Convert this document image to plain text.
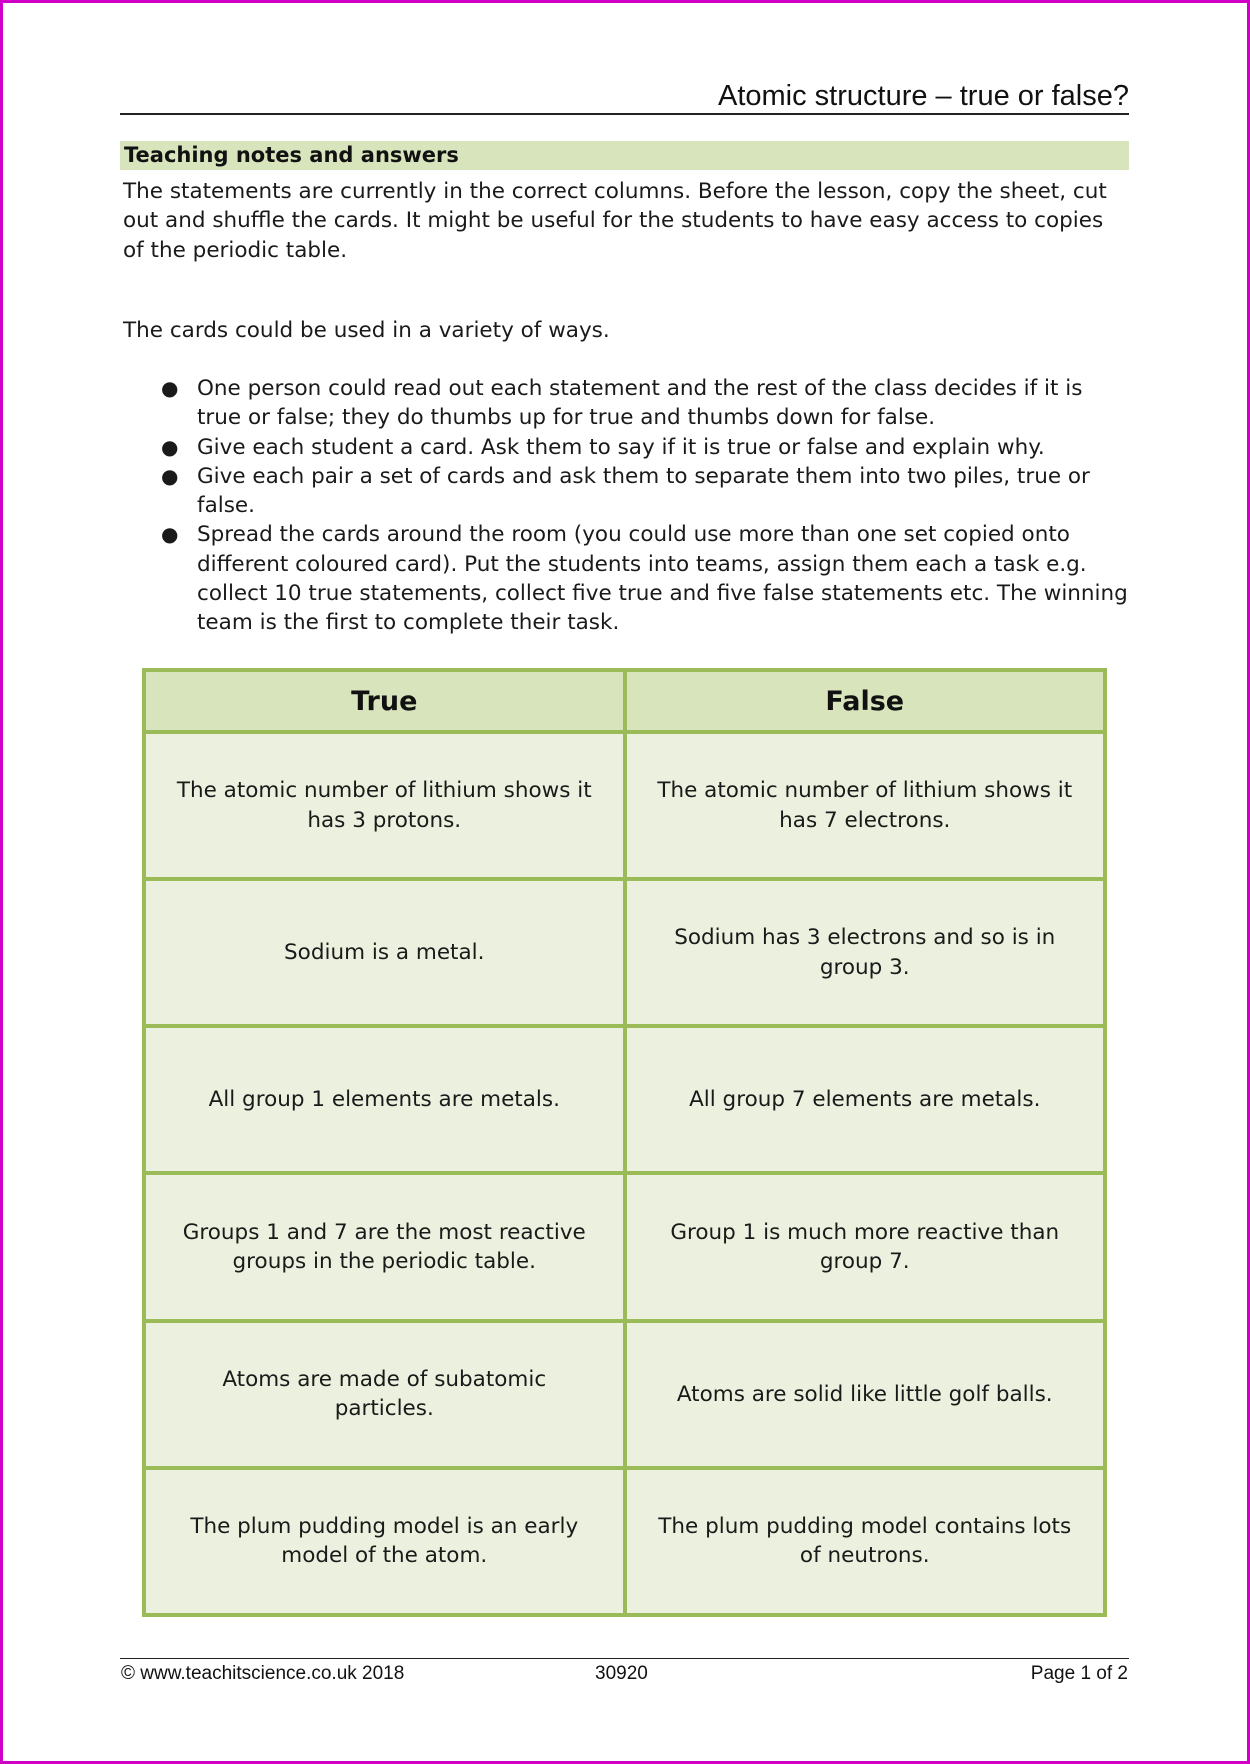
Atomic structure – true or false?
Teaching notes and answers
The statements are currently in the correct columns. Before the lesson, copy the sheet, cut out and shuffle the cards. It might be useful for the students to have easy access to copies of the periodic table.
The cards could be used in a variety of ways.
● One person could read out each statement and the rest of the class decides if it is true or false; they do thumbs up for true and thumbs down for false.
● Give each student a card. Ask them to say if it is true or false and explain why.
● Give each pair a set of cards and ask them to separate them into two piles, true or false.
● Spread the cards around the room (you could use more than one set copied onto different coloured card). Put the students into teams, assign them each a task e.g. collect 10 true statements, collect five true and five false statements etc. The winning team is the first to complete their task.
True	False
The atomic number of lithium shows it has 3 protons.	The atomic number of lithium shows it has 7 electrons.
Sodium is a metal.	Sodium has 3 electrons and so is in group 3.
All group 1 elements are metals.	All group 7 elements are metals.
Groups 1 and 7 are the most reactive groups in the periodic table.	Group 1 is much more reactive than group 7.
Atoms are made of subatomic particles.	Atoms are solid like little golf balls.
The plum pudding model is an early model of the atom.	The plum pudding model contains lots of neutrons.
© www.teachitscience.co.uk 2018	30920	Page 1 of 2
